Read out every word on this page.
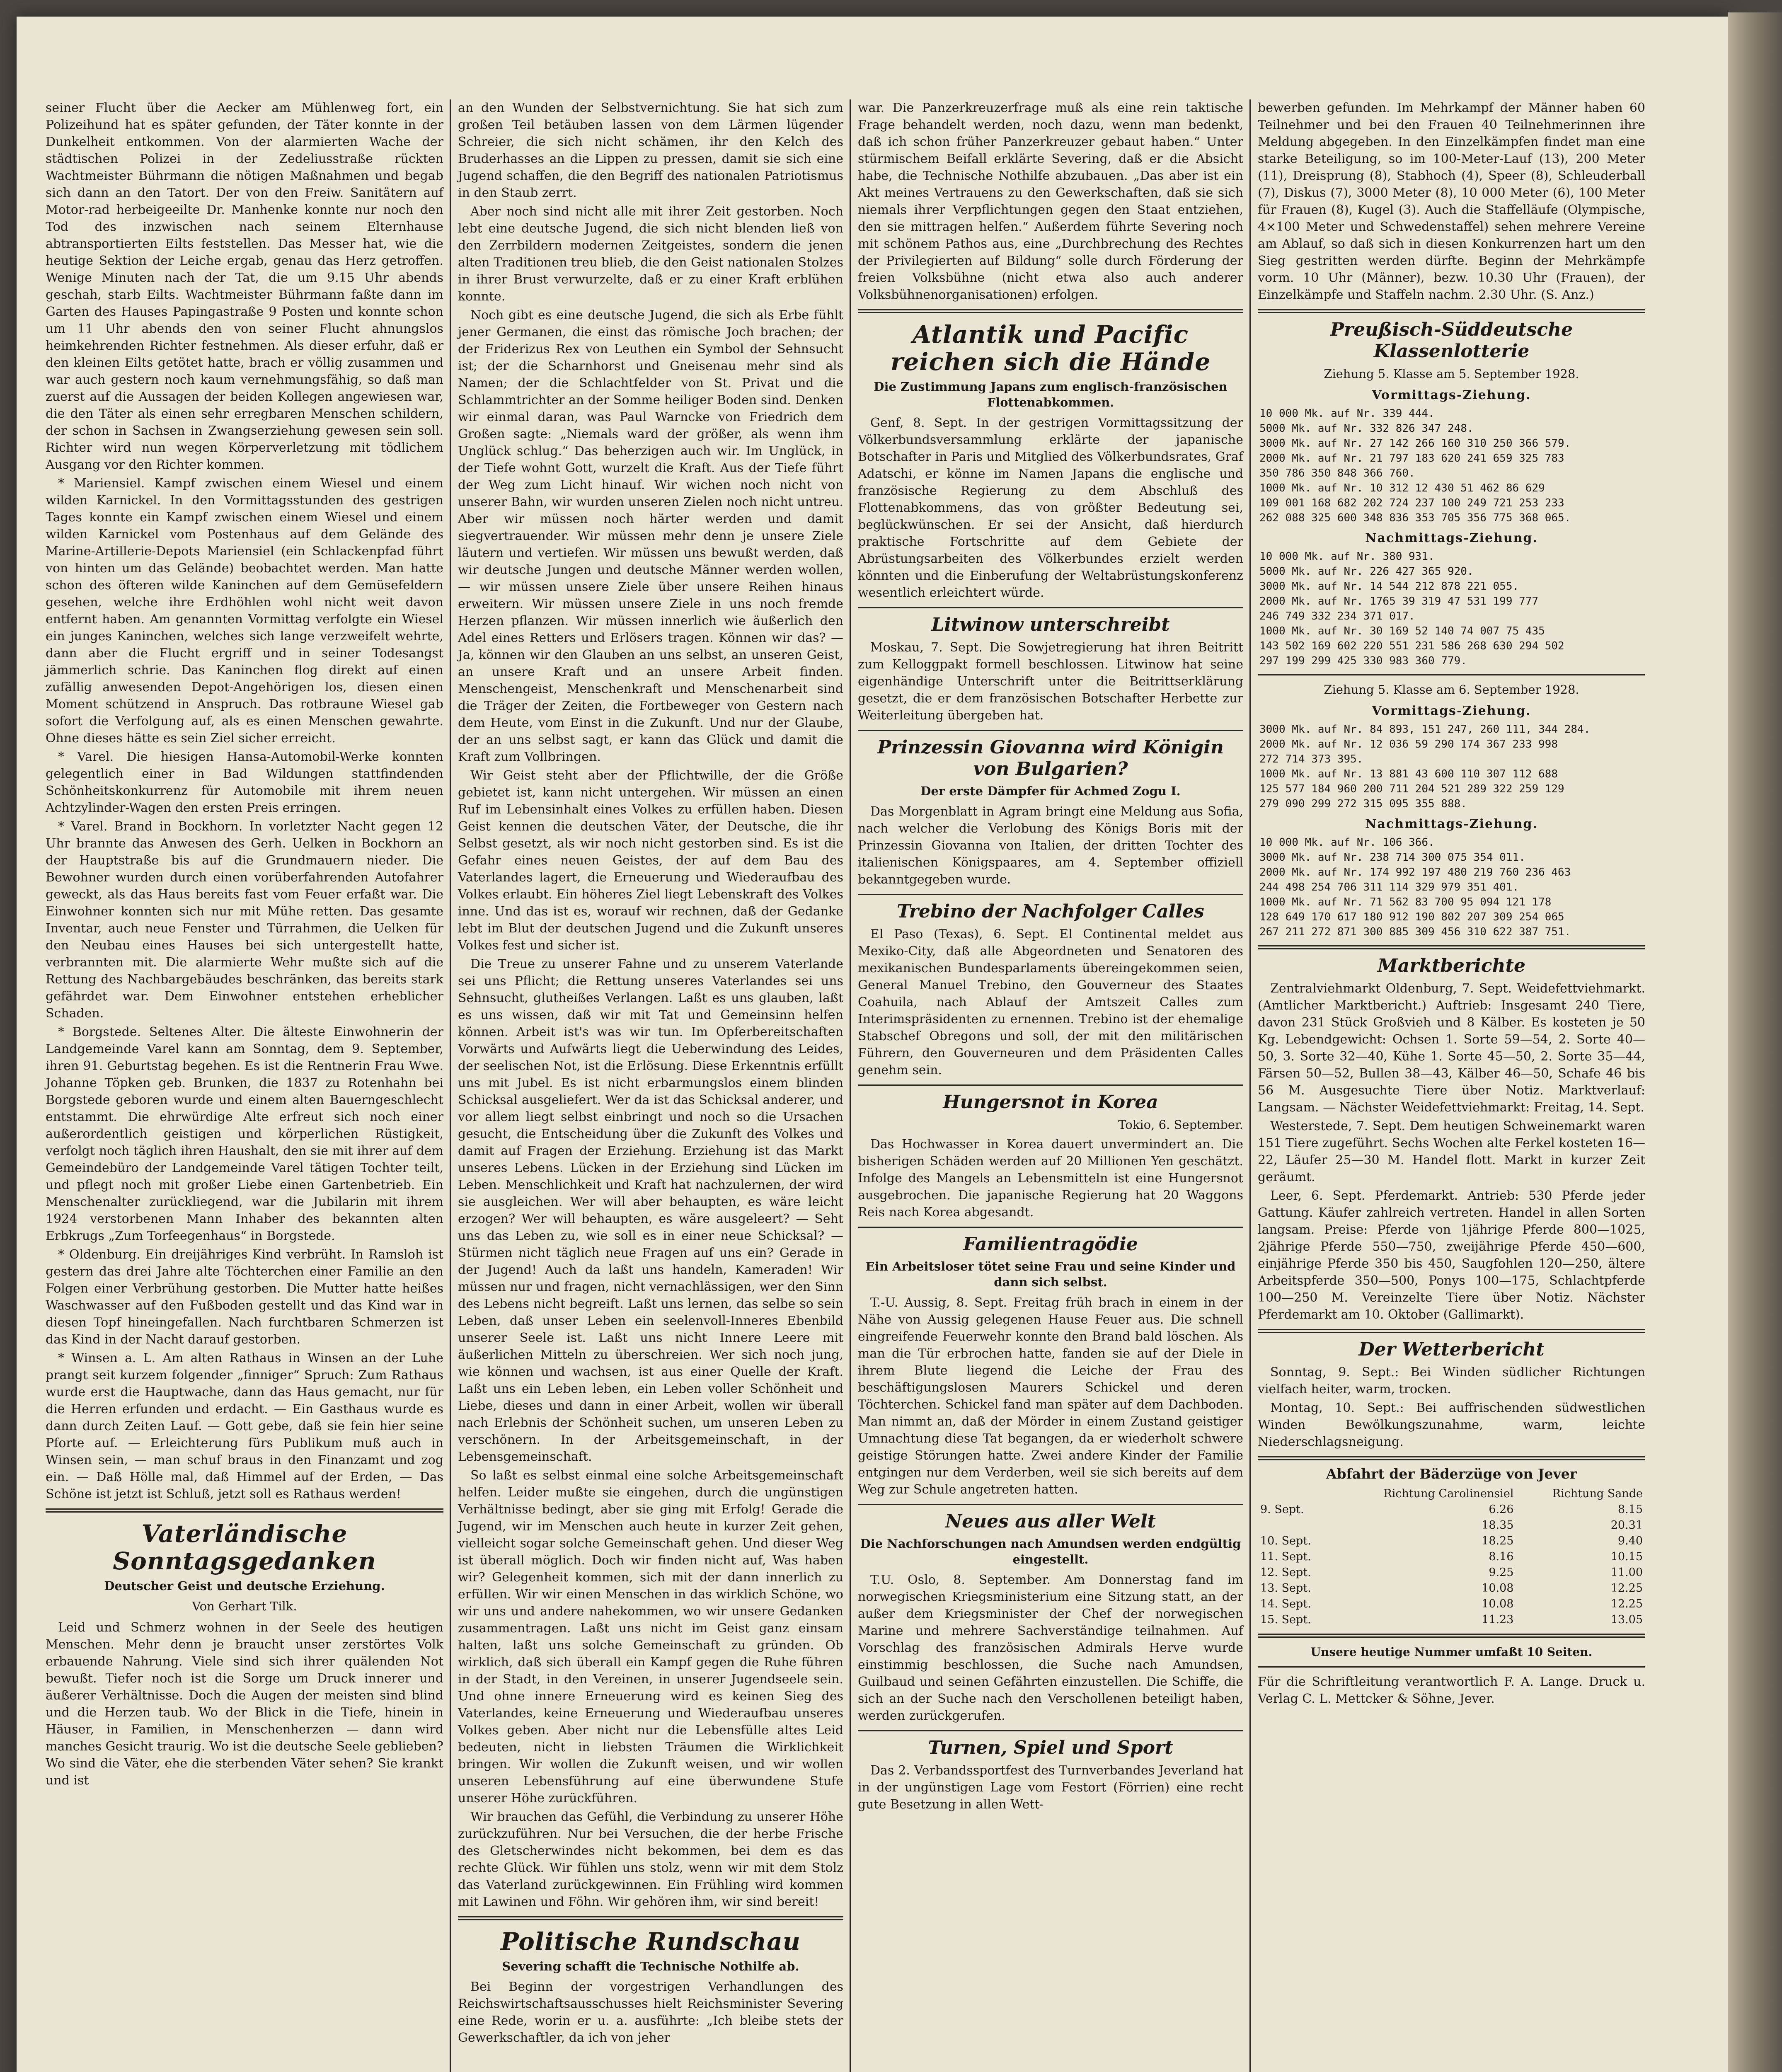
seiner Flucht über die Aecker am Mühlenweg fort, ein Polizeihund hat es später gefunden, der Täter konnte in der Dunkelheit entkommen. Von der alarmierten Wache der städtischen Polizei in der Zedeliusstraße rückten Wachtmeister Bührmann die nötigen Maßnahmen und begab sich dann an den Tatort. Der von den Freiw. Sanitätern auf Motor-rad herbeigeeilte Dr. Manhenke konnte nur noch den Tod des inzwischen nach seinem Elternhause abtransportierten Eilts feststellen. Das Messer hat, wie die heutige Sektion der Leiche ergab, genau das Herz getroffen. Wenige Minuten nach der Tat, die um 9.15 Uhr abends geschah, starb Eilts. Wachtmeister Bührmann faßte dann im Garten des Hauses Papingastraße 9 Posten und konnte schon um 11 Uhr abends den von seiner Flucht ahnungslos heimkehrenden Richter festnehmen. Als dieser erfuhr, daß er den kleinen Eilts getötet hatte, brach er völlig zusammen und war auch gestern noch kaum vernehmungsfähig, so daß man zuerst auf die Aussagen der beiden Kollegen angewiesen war, die den Täter als einen sehr erregbaren Menschen schildern, der schon in Sachsen in Zwangserziehung gewesen sein soll. Richter wird nun wegen Körperverletzung mit tödlichem Ausgang vor den Richter kommen.

* Mariensiel. Kampf zwischen einem Wiesel und einem wilden Karnickel. In den Vormittagsstunden des gestrigen Tages konnte ein Kampf zwischen einem Wiesel und einem wilden Karnickel vom Postenhaus auf dem Gelände des Marine-Artillerie-Depots Mariensiel (ein Schlackenpfad führt von hinten um das Gelände) beobachtet werden. Man hatte schon des öfteren wilde Kaninchen auf dem Gemüsefeldern gesehen, welche ihre Erdhöhlen wohl nicht weit davon entfernt haben. Am genannten Vormittag verfolgte ein Wiesel ein junges Kaninchen, welches sich lange verzweifelt wehrte, dann aber die Flucht ergriff und in seiner Todesangst jämmerlich schrie. Das Kaninchen flog direkt auf einen zufällig anwesenden Depot-Angehörigen los, diesen einen Moment schützend in Anspruch. Das rotbraune Wiesel gab sofort die Verfolgung auf, als es einen Menschen gewahrte. Ohne dieses hätte es sein Ziel sicher erreicht.

* Varel. Die hiesigen Hansa-Automobil-Werke konnten gelegentlich einer in Bad Wildungen stattfindenden Schönheitskonkurrenz für Automobile mit ihrem neuen Achtzylinder-Wagen den ersten Preis erringen.

* Varel. Brand in Bockhorn. In vorletzter Nacht gegen 12 Uhr brannte das Anwesen des Gerh. Uelken in Bockhorn an der Hauptstraße bis auf die Grundmauern nieder. Die Bewohner wurden durch einen vorüberfahrenden Autofahrer geweckt, als das Haus bereits fast vom Feuer erfaßt war. Die Einwohner konnten sich nur mit Mühe retten. Das gesamte Inventar, auch neue Fenster und Türrahmen, die Uelken für den Neubau eines Hauses bei sich untergestellt hatte, verbrannten mit. Die alarmierte Wehr mußte sich auf die Rettung des Nachbargebäudes beschränken, das bereits stark gefährdet war. Dem Einwohner entstehen erheblicher Schaden.

* Borgstede. Seltenes Alter. Die älteste Einwohnerin der Landgemeinde Varel kann am Sonntag, dem 9. September, ihren 91. Geburtstag begehen. Es ist die Rentnerin Frau Wwe. Johanne Töpken geb. Brunken, die 1837 zu Rotenhahn bei Borgstede geboren wurde und einem alten Bauerngeschlecht entstammt. Die ehrwürdige Alte erfreut sich noch einer außerordentlich geistigen und körperlichen Rüstigkeit, verfolgt noch täglich ihren Haushalt, den sie mit ihrer auf dem Gemeindebüro der Landgemeinde Varel tätigen Tochter teilt, und pflegt noch mit großer Liebe einen Gartenbetrieb. Ein Menschenalter zurückliegend, war die Jubilarin mit ihrem 1924 verstorbenen Mann Inhaber des bekannten alten Erbkrugs „Zum Torfeegenhaus“ in Borgstede.

* Oldenburg. Ein dreijähriges Kind verbrüht. In Ramsloh ist gestern das drei Jahre alte Töchterchen einer Familie an den Folgen einer Verbrühung gestorben. Die Mutter hatte heißes Waschwasser auf den Fußboden gestellt und das Kind war in diesen Topf hineingefallen. Nach furchtbaren Schmerzen ist das Kind in der Nacht darauf gestorben.

* Winsen a. L. Am alten Rathaus in Winsen an der Luhe prangt seit kurzem folgender „finniger“ Spruch: Zum Rathaus wurde erst die Hauptwache, dann das Haus gemacht, nur für die Herren erfunden und erdacht. — Ein Gasthaus wurde es dann durch Zeiten Lauf. — Gott gebe, daß sie fein hier seine Pforte auf. — Erleichterung fürs Publikum muß auch in Winsen sein, — man schuf braus in den Finanzamt und zog ein. — Daß Hölle mal, daß Himmel auf der Erden, — Das Schöne ist jetzt ist Schluß, jetzt soll es Rathaus werden!

Vaterländische Sonntagsgedanken
Deutscher Geist und deutsche Erziehung.
Von Gerhart Tilk.

Leid und Schmerz wohnen in der Seele des heutigen Menschen. Mehr denn je braucht unser zerstörtes Volk erbauende Nahrung. Viele sind sich ihrer quälenden Not bewußt. Tiefer noch ist die Sorge um Druck innerer und äußerer Verhältnisse. Doch die Augen der meisten sind blind und die Herzen taub. Wo der Blick in die Tiefe, hinein in Häuser, in Familien, in Menschenherzen — dann wird manches Gesicht traurig. Wo ist die deutsche Seele geblieben? Wo sind die Väter, ehe die sterbenden Väter sehen? Sie krankt und ist

an den Wunden der Selbstvernichtung. Sie hat sich zum großen Teil betäuben lassen von dem Lärmen lügender Schreier, die sich nicht schämen, ihr den Kelch des Bruderhasses an die Lippen zu pressen, damit sie sich eine Jugend schaffen, die den Begriff des nationalen Patriotismus in den Staub zerrt.

Aber noch sind nicht alle mit ihrer Zeit gestorben. Noch lebt eine deutsche Jugend, die sich nicht blenden ließ von den Zerrbildern modernen Zeitgeistes, sondern die jenen alten Traditionen treu blieb, die den Geist nationalen Stolzes in ihrer Brust verwurzelte, daß er zu einer Kraft erblühen konnte.

Noch gibt es eine deutsche Jugend, die sich als Erbe fühlt jener Germanen, die einst das römische Joch brachen; der der Friderizus Rex von Leuthen ein Symbol der Sehnsucht ist; der die Scharnhorst und Gneisenau mehr sind als Namen; der die Schlachtfelder von St. Privat und die Schlammtrichter an der Somme heiliger Boden sind. Denken wir einmal daran, was Paul Warncke von Friedrich dem Großen sagte: „Niemals ward der größer, als wenn ihm Unglück schlug.“ Das beherzigen auch wir. Im Unglück, in der Tiefe wohnt Gott, wurzelt die Kraft. Aus der Tiefe führt der Weg zum Licht hinauf. Wir wichen noch nicht von unserer Bahn, wir wurden unseren Zielen noch nicht untreu. Aber wir müssen noch härter werden und damit siegvertrauender. Wir müssen mehr denn je unsere Ziele läutern und vertiefen. Wir müssen uns bewußt werden, daß wir deutsche Jungen und deutsche Männer werden wollen, — wir müssen unsere Ziele über unsere Reihen hinaus erweitern. Wir müssen unsere Ziele in uns noch fremde Herzen pflanzen. Wir müssen innerlich wie äußerlich den Adel eines Retters und Erlösers tragen. Können wir das? — Ja, können wir den Glauben an uns selbst, an unseren Geist, an unsere Kraft und an unsere Arbeit finden. Menschengeist, Menschenkraft und Menschenarbeit sind die Träger der Zeiten, die Fortbeweger von Gestern nach dem Heute, vom Einst in die Zukunft. Und nur der Glaube, der an uns selbst sagt, er kann das Glück und damit die Kraft zum Vollbringen.

Wir Geist steht aber der Pflichtwille, der die Größe gebietet ist, kann nicht untergehen. Wir müssen an einen Ruf im Lebensinhalt eines Volkes zu erfüllen haben. Diesen Geist kennen die deutschen Väter, der Deutsche, die ihr Selbst gesetzt, als wir noch nicht gestorben sind. Es ist die Gefahr eines neuen Geistes, der auf dem Bau des Vaterlandes lagert, die Erneuerung und Wiederaufbau des Volkes erlaubt. Ein höheres Ziel liegt Lebenskraft des Volkes inne. Und das ist es, worauf wir rechnen, daß der Gedanke lebt im Blut der deutschen Jugend und die Zukunft unseres Volkes fest und sicher ist.

Die Treue zu unserer Fahne und zu unserem Vaterlande sei uns Pflicht; die Rettung unseres Vaterlandes sei uns Sehnsucht, glutheißes Verlangen. Laßt es uns glauben, laßt es uns wissen, daß wir mit Tat und Gemeinsinn helfen können. Arbeit ist's was wir tun. Im Opferbereitschaften Vorwärts und Aufwärts liegt die Ueberwindung des Leides, der seelischen Not, ist die Erlösung. Diese Erkenntnis erfüllt uns mit Jubel. Es ist nicht erbarmungslos einem blinden Schicksal ausgeliefert. Wer da ist das Schicksal anderer, und vor allem liegt selbst einbringt und noch so die Ursachen gesucht, die Entscheidung über die Zukunft des Volkes und damit auf Fragen der Erziehung. Erziehung ist das Markt unseres Lebens. Lücken in der Erziehung sind Lücken im Leben. Menschlichkeit und Kraft hat nachzulernen, der wird sie ausgleichen. Wer will aber behaupten, es wäre leicht erzogen? Wer will behaupten, es wäre ausgeleert? — Seht uns das Leben zu, wie soll es in einer neue Schicksal? — Stürmen nicht täglich neue Fragen auf uns ein? Gerade in der Jugend! Auch da laßt uns handeln, Kameraden! Wir müssen nur und fragen, nicht vernachlässigen, wer den Sinn des Lebens nicht begreift. Laßt uns lernen, das selbe so sein Leben, daß unser Leben ein seelenvoll-Inneres Ebenbild unserer Seele ist. Laßt uns nicht Innere Leere mit äußerlichen Mitteln zu überschreien. Wer sich noch jung, wie können und wachsen, ist aus einer Quelle der Kraft. Laßt uns ein Leben leben, ein Leben voller Schönheit und Liebe, dieses und dann in einer Arbeit, wollen wir überall nach Erlebnis der Schönheit suchen, um unseren Leben zu verschönern. In der Arbeitsgemeinschaft, in der Lebensgemeinschaft.

So laßt es selbst einmal eine solche Arbeitsgemeinschaft helfen. Leider mußte sie eingehen, durch die ungünstigen Verhältnisse bedingt, aber sie ging mit Erfolg! Gerade die Jugend, wir im Menschen auch heute in kurzer Zeit gehen, vielleicht sogar solche Gemeinschaft gehen. Und dieser Weg ist überall möglich. Doch wir finden nicht auf, Was haben wir? Gelegenheit kommen, sich mit der dann innerlich zu erfüllen. Wir wir einen Menschen in das wirklich Schöne, wo wir uns und andere nahekommen, wo wir unsere Gedanken zusammentragen. Laßt uns nicht im Geist ganz einsam halten, laßt uns solche Gemeinschaft zu gründen. Ob wirklich, daß sich überall ein Kampf gegen die Ruhe führen in der Stadt, in den Vereinen, in unserer Jugendseele sein. Und ohne innere Erneuerung wird es keinen Sieg des Vaterlandes, keine Erneuerung und Wiederaufbau unseres Volkes geben. Aber nicht nur die Lebensfülle altes Leid bedeuten, nicht in liebsten Träumen die Wirklichkeit bringen. Wir wollen die Zukunft weisen, und wir wollen unseren Lebensführung auf eine überwundene Stufe unserer Höhe zurückführen.

Wir brauchen das Gefühl, die Verbindung zu unserer Höhe zurückzuführen. Nur bei Versuchen, die der herbe Frische des Gletscherwindes nicht bekommen, bei dem es das rechte Glück. Wir fühlen uns stolz, wenn wir mit dem Stolz das Vaterland zurückgewinnen. Ein Frühling wird kommen mit Lawinen und Föhn. Wir gehören ihm, wir sind bereit!

Politische Rundschau
Severing schafft die Technische Nothilfe ab.

Bei Beginn der vorgestrigen Verhandlungen des Reichswirtschaftsausschusses hielt Reichsminister Severing eine Rede, worin er u. a. ausführte: „Ich bleibe stets der Gewerkschaftler, da ich von jeher

war. Die Panzerkreuzerfrage muß als eine rein taktische Frage behandelt werden, noch dazu, wenn man bedenkt, daß ich schon früher Panzerkreuzer gebaut haben.“ Unter stürmischem Beifall erklärte Severing, daß er die Absicht habe, die Technische Nothilfe abzubauen. „Das aber ist ein Akt meines Vertrauens zu den Gewerkschaften, daß sie sich niemals ihrer Verpflichtungen gegen den Staat entziehen, den sie mittragen helfen.“ Außerdem führte Severing noch mit schönem Pathos aus, eine „Durchbrechung des Rechtes der Privilegierten auf Bildung“ solle durch Förderung der freien Volksbühne (nicht etwa also auch anderer Volksbühnenorganisationen) erfolgen.

Atlantik und Pacific reichen sich die Hände
Die Zustimmung Japans zum englisch-französischen Flottenabkommen.

Genf, 8. Sept. In der gestrigen Vormittagssitzung der Völkerbundsversammlung erklärte der japanische Botschafter in Paris und Mitglied des Völkerbundsrates, Graf Adatschi, er könne im Namen Japans die englische und französische Regierung zu dem Abschluß des Flottenabkommens, das von größter Bedeutung sei, beglückwünschen. Er sei der Ansicht, daß hierdurch praktische Fortschritte auf dem Gebiete der Abrüstungsarbeiten des Völkerbundes erzielt werden könnten und die Einberufung der Weltabrüstungskonferenz wesentlich erleichtert würde.

Litwinow unterschreibt

Moskau, 7. Sept. Die Sowjetregierung hat ihren Beitritt zum Kelloggpakt formell beschlossen. Litwinow hat seine eigenhändige Unterschrift unter die Beitrittserklärung gesetzt, die er dem französischen Botschafter Herbette zur Weiterleitung übergeben hat.

Prinzessin Giovanna wird Königin von Bulgarien?
Der erste Dämpfer für Achmed Zogu I.

Das Morgenblatt in Agram bringt eine Meldung aus Sofia, nach welcher die Verlobung des Königs Boris mit der Prinzessin Giovanna von Italien, der dritten Tochter des italienischen Königspaares, am 4. September offiziell bekanntgegeben wurde.

Trebino der Nachfolger Calles

El Paso (Texas), 6. Sept. El Continental meldet aus Mexiko-City, daß alle Abgeordneten und Senatoren des mexikanischen Bundesparlaments übereingekommen seien, General Manuel Trebino, den Gouverneur des Staates Coahuila, nach Ablauf der Amtszeit Calles zum Interimspräsidenten zu ernennen. Trebino ist der ehemalige Stabschef Obregons und soll, der mit den militärischen Führern, den Gouverneuren und dem Präsidenten Calles genehm sein.

Hungersnot in Korea
Tokio, 6. September.

Das Hochwasser in Korea dauert unvermindert an. Die bisherigen Schäden werden auf 20 Millionen Yen geschätzt. Infolge des Mangels an Lebensmitteln ist eine Hungersnot ausgebrochen. Die japanische Regierung hat 20 Waggons Reis nach Korea abgesandt.

Familientragödie
Ein Arbeitsloser tötet seine Frau und seine Kinder und dann sich selbst.

T.-U. Aussig, 8. Sept. Freitag früh brach in einem in der Nähe von Aussig gelegenen Hause Feuer aus. Die schnell eingreifende Feuerwehr konnte den Brand bald löschen. Als man die Tür erbrochen hatte, fanden sie auf der Diele in ihrem Blute liegend die Leiche der Frau des beschäftigungslosen Maurers Schickel und deren Töchterchen. Schickel fand man später auf dem Dachboden. Man nimmt an, daß der Mörder in einem Zustand geistiger Umnachtung diese Tat begangen, da er wiederholt schwere geistige Störungen hatte. Zwei andere Kinder der Familie entgingen nur dem Verderben, weil sie sich bereits auf dem Weg zur Schule angetreten hatten.

Neues aus aller Welt
Die Nachforschungen nach Amundsen werden endgültig eingestellt.

T.U. Oslo, 8. September. Am Donnerstag fand im norwegischen Kriegsministerium eine Sitzung statt, an der außer dem Kriegsminister der Chef der norwegischen Marine und mehrere Sachverständige teilnahmen. Auf Vorschlag des französischen Admirals Herve wurde einstimmig beschlossen, die Suche nach Amundsen, Guilbaud und seinen Gefährten einzustellen. Die Schiffe, die sich an der Suche nach den Verschollenen beteiligt haben, werden zurückgerufen.

Turnen, Spiel und Sport

Das 2. Verbandssportfest des Turnverbandes Jeverland hat in der ungünstigen Lage vom Festort (Förrien) eine recht gute Besetzung in allen Wett-

bewerben gefunden. Im Mehrkampf der Männer haben 60 Teilnehmer und bei den Frauen 40 Teilnehmerinnen ihre Meldung abgegeben. In den Einzelkämpfen findet man eine starke Beteiligung, so im 100-Meter-Lauf (13), 200 Meter (11), Dreisprung (8), Stabhoch (4), Speer (8), Schleuderball (7), Diskus (7), 3000 Meter (8), 10 000 Meter (6), 100 Meter für Frauen (8), Kugel (3). Auch die Staffelläufe (Olympische, 4×100 Meter und Schwedenstaffel) sehen mehrere Vereine am Ablauf, so daß sich in diesen Konkurrenzen hart um den Sieg gestritten werden dürfte. Beginn der Mehrkämpfe vorm. 10 Uhr (Männer), bezw. 10.30 Uhr (Frauen), der Einzelkämpfe und Staffeln nachm. 2.30 Uhr. (S. Anz.)

Preußisch-Süddeutsche Klassenlotterie
Ziehung 5. Klasse am 5. September 1928.
Vormittags-Ziehung.
10 000 Mk. auf Nr. 339 444.
5000 Mk. auf Nr. 332 826 347 248.
3000 Mk. auf Nr. 27 142 266 160 310 250 366 579.
2000 Mk. auf Nr. 21 797 183 620 241 659 325 783
350 786 350 848 366 760.
1000 Mk. auf Nr. 10 312 12 430 51 462 86 629
109 001 168 682 202 724 237 100 249 721 253 233
262 088 325 600 348 836 353 705 356 775 368 065.
Nachmittags-Ziehung.
10 000 Mk. auf Nr. 380 931.
5000 Mk. auf Nr. 226 427 365 920.
3000 Mk. auf Nr. 14 544 212 878 221 055.
2000 Mk. auf Nr. 1765 39 319 47 531 199 777
246 749 332 234 371 017.
1000 Mk. auf Nr. 30 169 52 140 74 007 75 435
143 502 169 602 220 551 231 586 268 630 294 502
297 199 299 425 330 983 360 779.
Ziehung 5. Klasse am 6. September 1928.
Vormittags-Ziehung.
3000 Mk. auf Nr. 84 893, 151 247, 260 111, 344 284.
2000 Mk. auf Nr. 12 036 59 290 174 367 233 998
272 714 373 395.
1000 Mk. auf Nr. 13 881 43 600 110 307 112 688
125 577 184 960 200 711 204 521 289 322 259 129
279 090 299 272 315 095 355 888.
Nachmittags-Ziehung.
10 000 Mk. auf Nr. 106 366.
3000 Mk. auf Nr. 238 714 300 075 354 011.
2000 Mk. auf Nr. 174 992 197 480 219 760 236 463
244 498 254 706 311 114 329 979 351 401.
1000 Mk. auf Nr. 71 562 83 700 95 094 121 178
128 649 170 617 180 912 190 802 207 309 254 065
267 211 272 871 300 885 309 456 310 622 387 751.
Marktberichte

Zentralviehmarkt Oldenburg, 7. Sept. Weidefettviehmarkt. (Amtlicher Marktbericht.) Auftrieb: Insgesamt 240 Tiere, davon 231 Stück Großvieh und 8 Kälber. Es kosteten je 50 Kg. Lebendgewicht: Ochsen 1. Sorte 59—54, 2. Sorte 40—50, 3. Sorte 32—40, Kühe 1. Sorte 45—50, 2. Sorte 35—44, Färsen 50—52, Bullen 38—43, Kälber 46—50, Schafe 46 bis 56 M. Ausgesuchte Tiere über Notiz. Marktverlauf: Langsam. — Nächster Weidefettviehmarkt: Freitag, 14. Sept.

Westerstede, 7. Sept. Dem heutigen Schweinemarkt waren 151 Tiere zugeführt. Sechs Wochen alte Ferkel kosteten 16—22, Läufer 25—30 M. Handel flott. Markt in kurzer Zeit geräumt.

Leer, 6. Sept. Pferdemarkt. Antrieb: 530 Pferde jeder Gattung. Käufer zahlreich vertreten. Handel in allen Sorten langsam. Preise: Pferde von 1jährige Pferde 800—1025, 2jährige Pferde 550—750, zweijährige Pferde 450—600, einjährige Pferde 350 bis 450, Saugfohlen 120—250, ältere Arbeitspferde 350—500, Ponys 100—175, Schlachtpferde 100—250 M. Vereinzelte Tiere über Notiz. Nächster Pferdemarkt am 10. Oktober (Gallimarkt).

Der Wetterbericht

Sonntag, 9. Sept.: Bei Winden südlicher Richtungen vielfach heiter, warm, trocken.

Montag, 10. Sept.: Bei auffrischenden südwestlichen Winden Bewölkungszunahme, warm, leichte Niederschlagsneigung.

Abfahrt der Bäderzüge von Jever
	Richtung Carolinensiel	Richtung Sande
9. Sept.	6.26	8.15
	18.35	20.31
10. Sept.	18.25	9.40
11. Sept.	8.16	10.15
12. Sept.	9.25	11.00
13. Sept.	10.08	12.25
14. Sept.	10.08	12.25
15. Sept.	11.23	13.05
Unsere heutige Nummer umfaßt 10 Seiten.

Für die Schriftleitung verantwortlich F. A. Lange. Druck u. Verlag C. L. Mettcker & Söhne, Jever.
